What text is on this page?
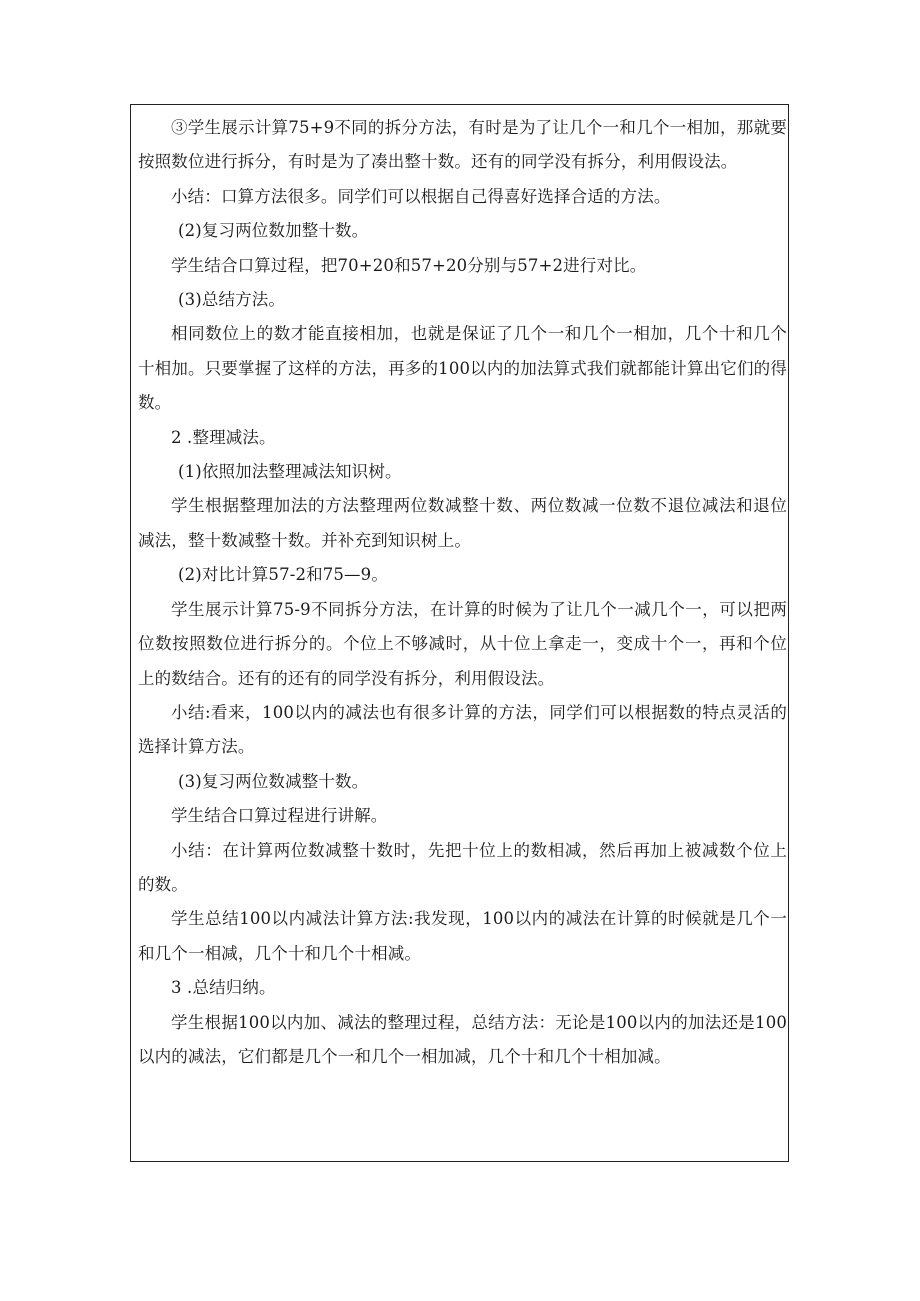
③学生展示计算75+9不同的拆分方法，有时是为了让几个一和几个一相加，那就要按照数位进行拆分，有时是为了凑出整十数。还有的同学没有拆分，利用假设法。

小结：口算方法很多。同学们可以根据自己得喜好选择合适的方法。

(2)复习两位数加整十数。

学生结合口算过程，把70+20和57+20分别与57+2进行对比。

(3)总结方法。

相同数位上的数才能直接相加，也就是保证了几个一和几个一相加，几个十和几个十相加。只要掌握了这样的方法，再多的100以内的加法算式我们就都能计算出它们的得数。

2 .整理减法。

(1)依照加法整理减法知识树。

学生根据整理加法的方法整理两位数减整十数、两位数减一位数不退位减法和退位减法，整十数减整十数。并补充到知识树上。

(2)对比计算57-2和75—9。

学生展示计算75-9不同拆分方法，在计算的时候为了让几个一减几个一，可以把两位数按照数位进行拆分的。个位上不够减时，从十位上拿走一，变成十个一，再和个位上的数结合。还有的还有的同学没有拆分，利用假设法。

小结:看来，100以内的减法也有很多计算的方法，同学们可以根据数的特点灵活的选择计算方法。

(3)复习两位数减整十数。

学生结合口算过程进行讲解。

小结：在计算两位数减整十数时，先把十位上的数相减，然后再加上被减数个位上的数。

学生总结100以内减法计算方法:我发现，100以内的减法在计算的时候就是几个一和几个一相减，几个十和几个十相减。

3 .总结归纳。

学生根据100以内加、减法的整理过程，总结方法：无论是100以内的加法还是100以内的减法，它们都是几个一和几个一相加减，几个十和几个十相加减。
